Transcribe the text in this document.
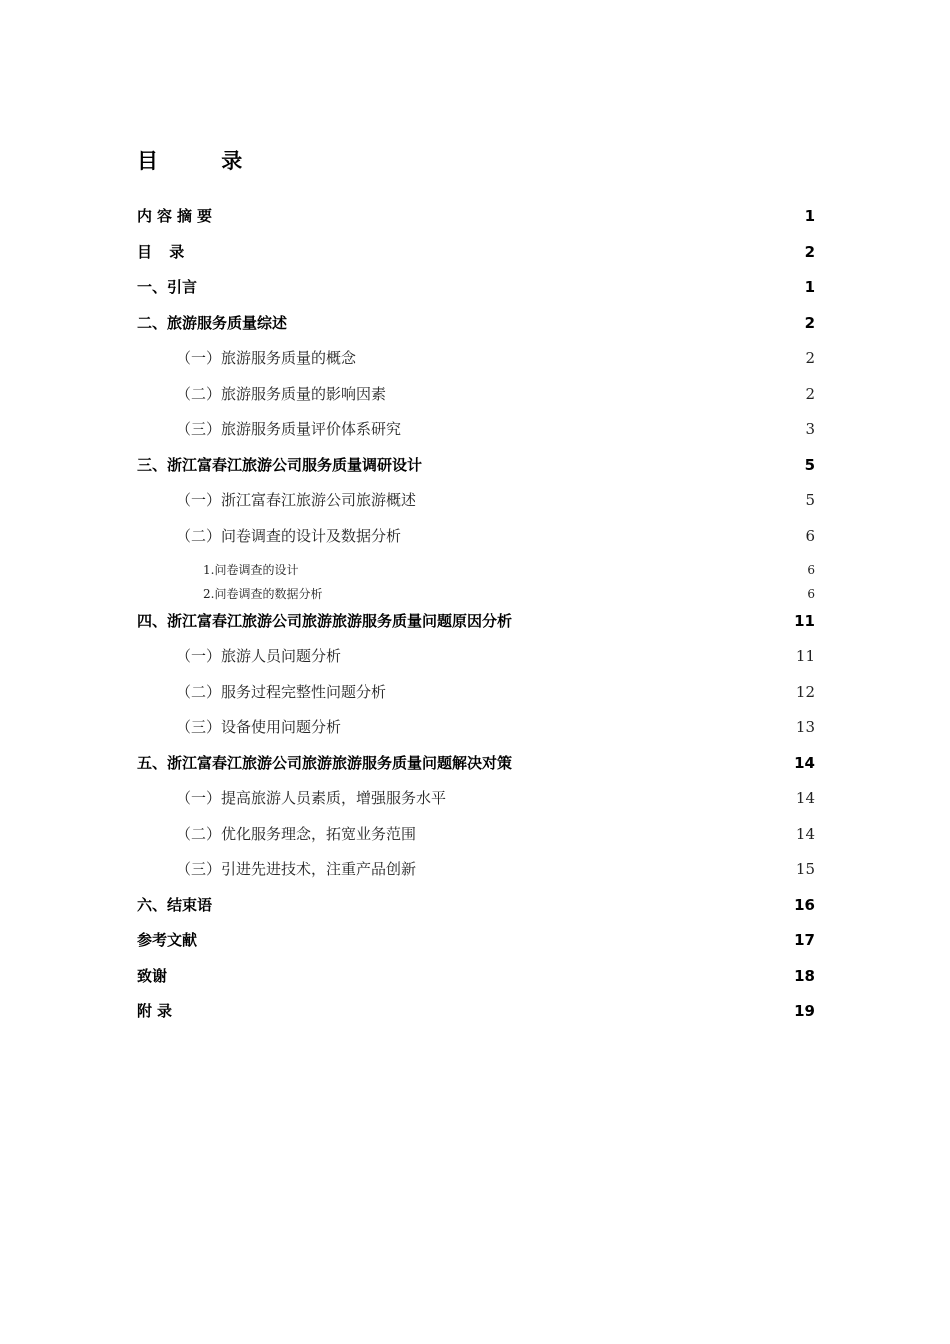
目 录
内容摘要	1
目 录	2
一、引言	1
二、旅游服务质量综述	2
（一）旅游服务质量的概念	2
（二）旅游服务质量的影响因素	2
（三）旅游服务质量评价体系研究	3
三、浙江富春江旅游公司服务质量调研设计	5
（一）浙江富春江旅游公司旅游概述	5
（二）问卷调查的设计及数据分析	6
1.问卷调查的设计	6
2.问卷调查的数据分析	6
四、浙江富春江旅游公司旅游旅游服务质量问题原因分析	11
（一）旅游人员问题分析	11
（二）服务过程完整性问题分析	12
（三）设备使用问题分析	13
五、浙江富春江旅游公司旅游旅游服务质量问题解决对策	14
（一）提高旅游人员素质，增强服务水平	14
（二）优化服务理念，拓宽业务范围	14
（三）引进先进技术，注重产品创新	15
六、结束语	16
参考文献	17
致谢	18
附录	19
